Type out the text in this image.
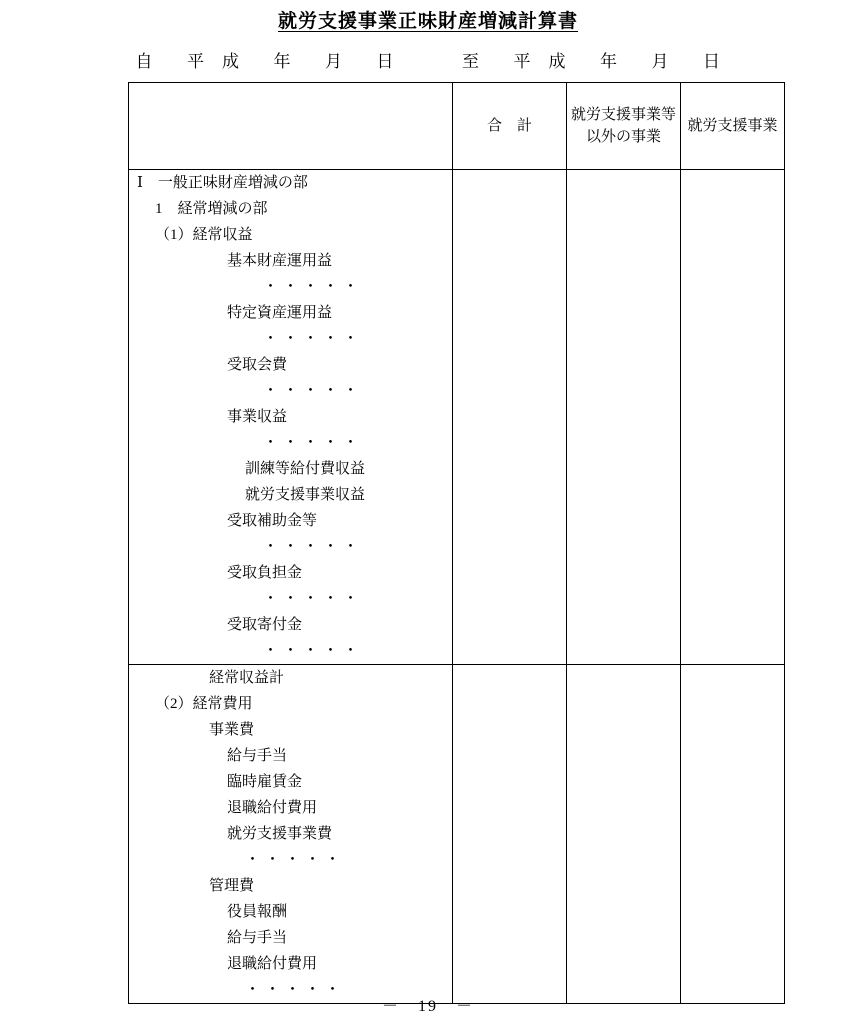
就労支援事業正味財産増減計算書
自 平　成 年 月 日	至 平　成 年 月 日
	合　計	就労支援事業等以外の事業	就労支援事業

Ⅰ　一般正味財産増減の部
1　経常増減の部
（1）経常収益
基本財産運用益
・・・・・
特定資産運用益
・・・・・
受取会費
・・・・・
事業収益
・・・・・
訓練等給付費収益
就労支援事業収益
受取補助金等
・・・・・
受取負担金
・・・・・
受取寄付金
・・・・・

経常収益計
（2）経常費用
事業費
給与手当
臨時雇賃金
退職給付費用
就労支援事業費
・・・・・
管理費
役員報酬
給与手当
退職給付費用
・・・・・

－　19　－
